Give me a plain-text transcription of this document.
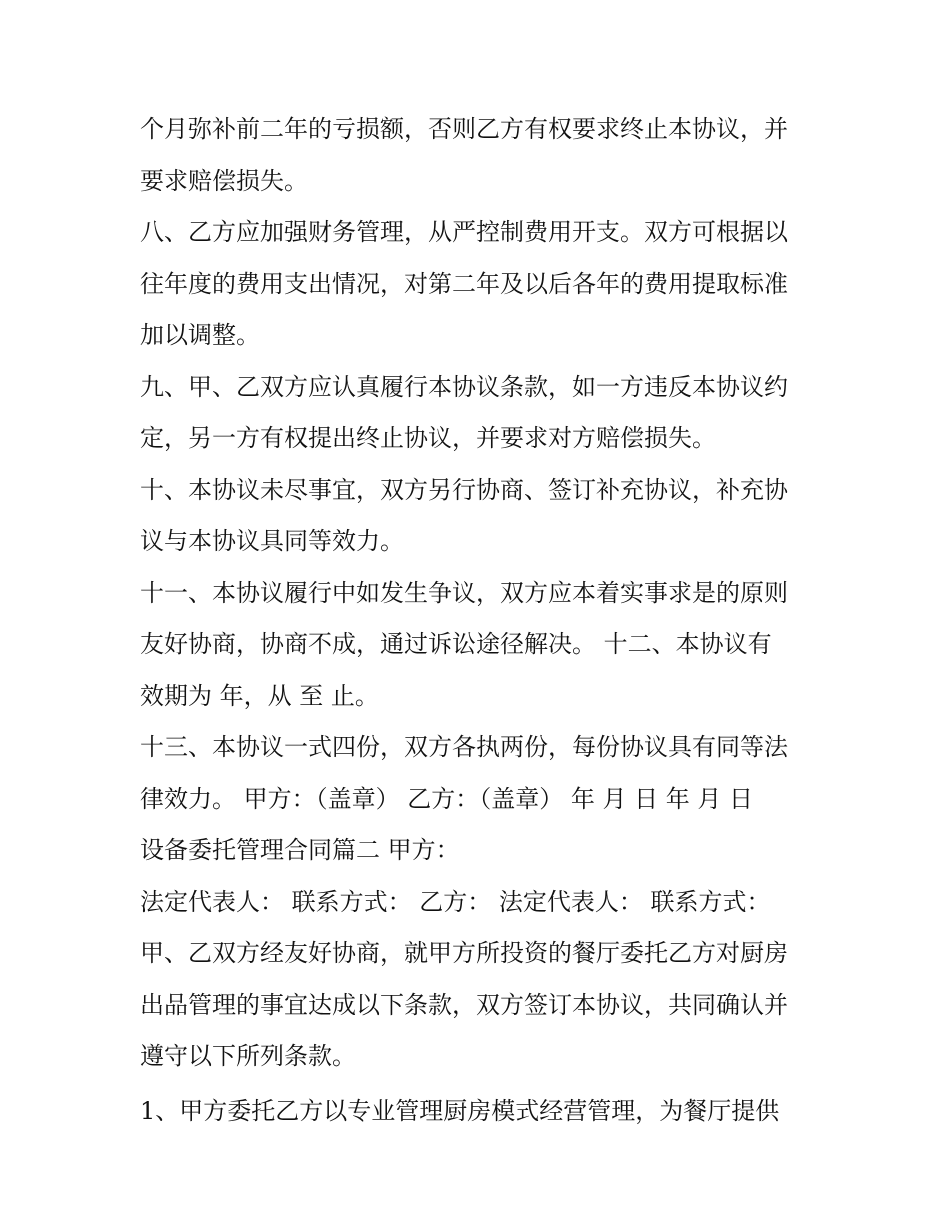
个月弥补前二年的亏损额，否则乙方有权要求终止本协议，并
要求赔偿损失。
八、乙方应加强财务管理，从严控制费用开支。双方可根据以
往年度的费用支出情况，对第二年及以后各年的费用提取标准
加以调整。
九、甲、乙双方应认真履行本协议条款，如一方违反本协议约
定，另一方有权提出终止协议，并要求对方赔偿损失。
十、本协议未尽事宜，双方另行协商、签订补充协议，补充协
议与本协议具同等效力。
十一、本协议履行中如发生争议，双方应本着实事求是的原则
友好协商，协商不成，通过诉讼途径解决。 十二、本协议有
效期为 年，从 至 止。
十三、本协议一式四份，双方各执两份，每份协议具有同等法
律效力。 甲方：（盖章） 乙方：（盖章） 年 月 日 年 月 日
设备委托管理合同篇二 甲方：
法定代表人： 联系方式： 乙方： 法定代表人： 联系方式：
甲、乙双方经友好协商，就甲方所投资的餐厅委托乙方对厨房
出品管理的事宜达成以下条款，双方签订本协议，共同确认并
遵守以下所列条款。
1、甲方委托乙方以专业管理厨房模式经营管理，为餐厅提供
